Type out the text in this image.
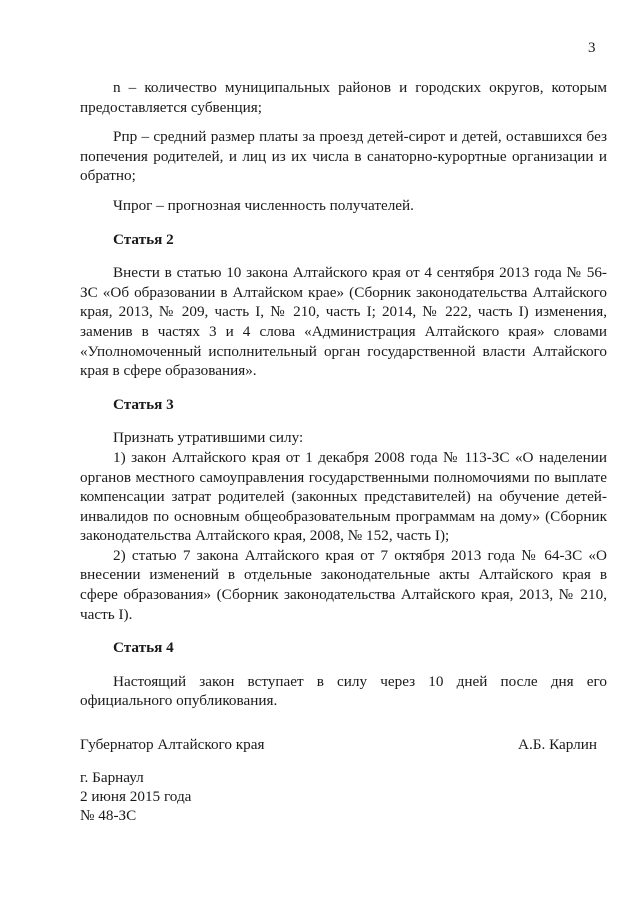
3

n – количество муниципальных районов и городских округов, которым предоставляется субвенция;

Рпр – средний размер платы за проезд детей-сирот и детей, оставшихся без попечения родителей, и лиц из их числа в санаторно-курортные организации и обратно;

Чпрог – прогнозная численность получателей.

Статья 2

Внести в статью 10 закона Алтайского края от 4 сентября 2013 года № 56-ЗС «Об образовании в Алтайском крае» (Сборник законодательства Алтайского края, 2013, № 209, часть I, № 210, часть I; 2014, № 222, часть I) изменения, заменив в частях 3 и 4 слова «Администрация Алтайского края» словами «Уполномоченный исполнительный орган государственной власти Алтайского края в сфере образования».

Статья 3

Признать утратившими силу:

1) закон Алтайского края от 1 декабря 2008 года № 113-ЗС «О наделении органов местного самоуправления государственными полномочиями по выплате компенсации затрат родителей (законных представителей) на обучение детей-инвалидов по основным общеобразовательным программам на дому» (Сборник законодательства Алтайского края, 2008, № 152, часть I);

2) статью 7 закона Алтайского края от 7 октября 2013 года № 64-ЗС «О внесении изменений в отдельные законодательные акты Алтайского края в сфере образования» (Сборник законодательства Алтайского края, 2013, № 210, часть I).

Статья 4

Настоящий закон вступает в силу через 10 дней после дня его официального опубликования.

Губернатор Алтайского края	А.Б. Карлин
г. Барнаул
2 июня 2015 года
№ 48-ЗС
